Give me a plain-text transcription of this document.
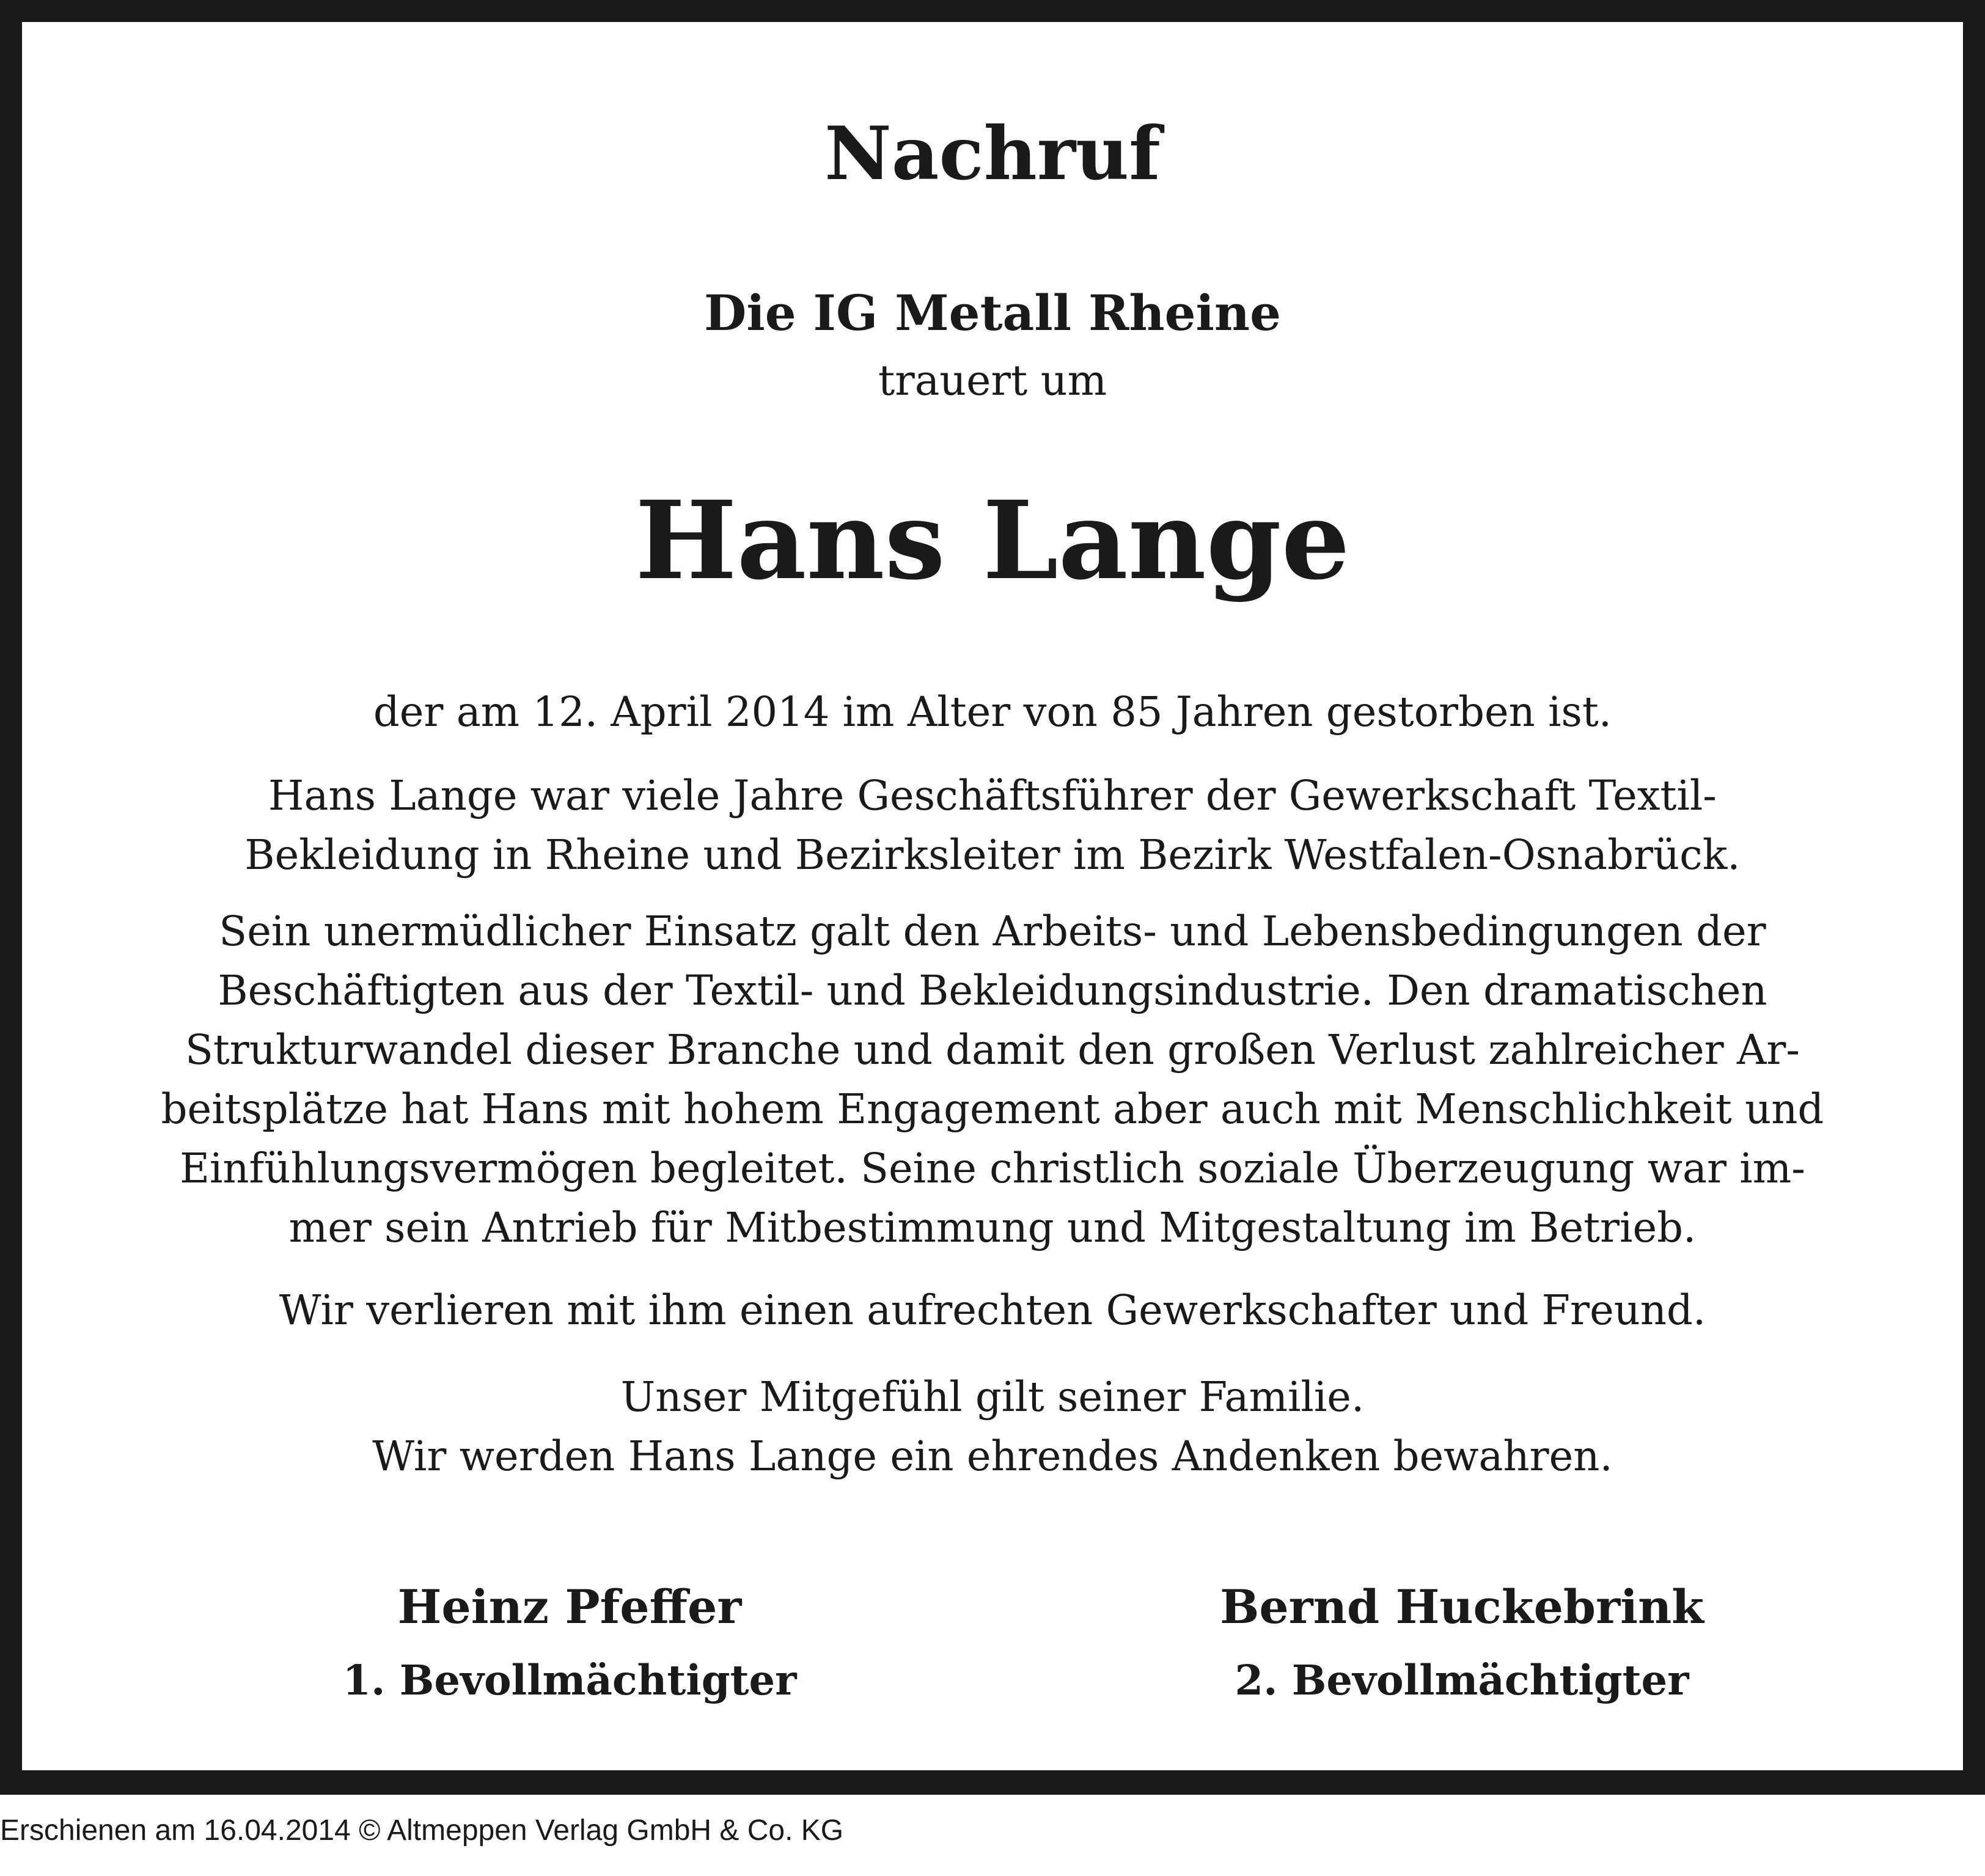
Nachruf
Die IG Metall Rheine
trauert um
Hans Lange

der am 12. April 2014 im Alter von 85 Jahren gestorben ist.

Hans Lange war viele Jahre Geschäftsführer der Gewerkschaft Textil-
Bekleidung in Rheine und Bezirksleiter im Bezirk Westfalen-Osnabrück.

Sein unermüdlicher Einsatz galt den Arbeits- und Lebensbedingungen der
Beschäftigten aus der Textil- und Bekleidungsindustrie. Den dramatischen
Strukturwandel dieser Branche und damit den großen Verlust zahlreicher Ar-
beitsplätze hat Hans mit hohem Engagement aber auch mit Menschlichkeit und
Einfühlungsvermögen begleitet. Seine christlich soziale Überzeugung war im-
mer sein Antrieb für Mitbestimmung und Mitgestaltung im Betrieb.

Wir verlieren mit ihm einen aufrechten Gewerkschafter und Freund.

Unser Mitgefühl gilt seiner Familie.
Wir werden Hans Lange ein ehrendes Andenken bewahren.

Heinz Pfeffer
1. Bevollmächtigter
Bernd Huckebrink
2. Bevollmächtigter
Erschienen am 16.04.2014 © Altmeppen Verlag GmbH & Co. KG
